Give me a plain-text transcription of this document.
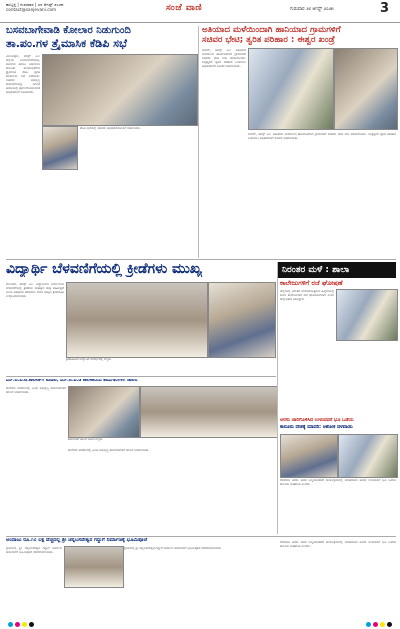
ಹುಬ್ಬಳ್ಳಿ | ಗುರುವಾರ | ೨೮ ಆಗಸ್ಟ್ ೨೦೨೫
contact@sanjevani.com	ಸಂಜೆ ವಾಣಿ	ಗುರುವಾರ ೨೮ ಆಗಸ್ಟ್ ೨೦೨೫	3
ಬಸವಬಾಗೇವಾಡಿ ಕೋಲಾರ ನಿಡುಗುಂದಿ
ತಾ.ಪಂ.ಗಳ ತ್ರೈಮಾಸಿಕ ಕೆಡಿಪಿ ಸಭೆ
ವಿಜಯಪುರ, ಆಗಸ್ಟ್ ೨೭: ಜಿಲ್ಲೆಯ ಬಸವನಬಾಗೇವಾಡಿ, ಕೋಲಾರ ಹಾಗೂ ನಿಡುಗುಂದಿ ತಾಲೂಕು ಪಂಚಾಯತ್‌ಗಳ ತ್ರೈಮಾಸಿಕ ಕೆಡಿಪಿ ಪ್ರಗತಿ ಪರಿಶೀಲನಾ ಸಭೆ ನಡೆಯಿತು. ಸಚಿವರು ಅಭಿವೃದ್ಧಿ ಕಾಮಗಾರಿಗಳನ್ನು ನಿಗದಿತ ಅವಧಿಯಲ್ಲಿ ಪೂರ್ಣಗೊಳಿಸುವಂತೆ ಅಧಿಕಾರಿಗಳಿಗೆ ಸೂಚಿಸಿದರು.
ಕೆಡಿಪಿ ಸಭೆಯಲ್ಲಿ ಸಚಿವರು ಅಧಿಕಾರಿಗಳೊಂದಿಗೆ ಚರ್ಚಿಸಿದರು.
ಅತಿಯಾದ ಮಳೆಯಿಂದಾಗಿ ಹಾನಿಯಾದ ಗ್ರಾಮಗಳಿಗೆ
ಸಚಿವರ ಭೇಟಿ; ತ್ವರಿತ ಪರಿಹಾರ : ಈಶ್ವರ ಖಂಡ್ರೆ
ಬೀದರ್, ಆಗಸ್ಟ್ ೨೭: ಅತಿಯಾದ ಮಳೆಯಿಂದ ಹಾನಿಗೊಳಗಾದ ಗ್ರಾಮಗಳಿಗೆ ಸಚಿವರು ಭೇಟಿ ನೀಡಿ ಪರಿಶೀಲಿಸಿದರು. ಸಂತ್ರಸ್ತರಿಗೆ ತ್ವರಿತ ಪರಿಹಾರ ಒದಗಿಸಲು ಅಧಿಕಾರಿಗಳಿಗೆ ಸೂಚನೆ ನೀಡಲಾಯಿತು.
ಬೀದರ್, ಆಗಸ್ಟ್ ೨೭: ಅತಿಯಾದ ಮಳೆಯಿಂದ ಹಾನಿಗೊಳಗಾದ ಗ್ರಾಮಗಳಿಗೆ ಸಚಿವರು ಭೇಟಿ ನೀಡಿ ಪರಿಶೀಲಿಸಿದರು. ಸಂತ್ರಸ್ತರಿಗೆ ತ್ವರಿತ ಪರಿಹಾರ ಒದಗಿಸಲು ಅಧಿಕಾರಿಗಳಿಗೆ ಸೂಚನೆ ನೀಡಲಾಯಿತು.
ವಿದ್ಯಾರ್ಥಿ ಬೆಳವಣಿಗೆಯಲ್ಲಿ ಕ್ರೀಡೆಗಳು ಮುಖ್ಯ
ಕಲಬುರಗಿ, ಆಗಸ್ಟ್ ೨೭: ವಿದ್ಯಾರ್ಥಿಗಳ ಸರ್ವಾಂಗೀಣ ಬೆಳವಣಿಗೆಯಲ್ಲಿ ಕ್ರೀಡೆಗಳು ಮಹತ್ವದ ಪಾತ್ರ ವಹಿಸುತ್ತವೆ ಎಂದು ಅತಿಥಿಗಳು ಹೇಳಿದರು. ಶಾಲಾ ಮಟ್ಟದ ಕ್ರೀಡಾಕೂಟ ಉದ್ಘಾಟಿಸಲಾಯಿತು.
ಕ್ರೀಡಾಕೂಟದ ಉದ್ಘಾಟನೆ ಸಂದರ್ಭದಲ್ಲಿ ಗಣ್ಯರು.
ನಿರಂತರ ಮಳೆ : ಶಾಲಾ
ಕಾಲೇಜುಗಳಿಗೆ ರಜೆ ಘೋಷಣೆ
ಜಿಲ್ಲೆಯಲ್ಲಿ ನಿರಂತರ ಮಳೆಯಾಗುತ್ತಿರುವ ಹಿನ್ನೆಲೆಯಲ್ಲಿ ಶಾಲಾ ಕಾಲೇಜುಗಳಿಗೆ ರಜೆ ಘೋಷಿಸಲಾಗಿದೆ ಎಂದು ಜಿಲ್ಲಾಧಿಕಾರಿ ತಿಳಿಸಿದ್ದಾರೆ.
ಎಸ್.ಬಿ.ಐ.ಟಿ.ಕಾಲೇಜ್‌ಗೆ ಕೂಡಲ, ಎಸ್.ಬಿ.ಐ.ಡಿ ಕಾಲೇಜಿನಿಂದ ಕಾಮಗಾರಿಗಳಿಗೆ ಚಾಲನೆ
ಕಾಲೇಜಿನ ಆವರಣದಲ್ಲಿ ವಿವಿಧ ಅಭಿವೃದ್ಧಿ ಕಾಮಗಾರಿಗಳಿಗೆ ಚಾಲನೆ ನೀಡಲಾಯಿತು.
ಕಾಮಗಾರಿಗೆ ಚಾಲನೆ ನೀಡಿದ ಗಣ್ಯರು.
ಕಾಲೇಜಿನ ಆವರಣದಲ್ಲಿ ವಿವಿಧ ಅಭಿವೃದ್ಧಿ ಕಾಮಗಾರಿಗಳಿಗೆ ಚಾಲನೆ ನೀಡಲಾಯಿತು.
ಅರಸು ಜಾರಿಗೊಳಿಸಿದ ಉಳುವವನೆ ಭೂ ಒಡೆಯ
ಕಾನೂನು ದೇಶಕ್ಕೆ ಮಾದರಿ: ಅಶೋಕ ದಳವಾಯಿ
ದೇವರಾಜ ಅರಸು ಅವರ ಜನ್ಮದಿನಾಚರಣೆ ಕಾರ್ಯಕ್ರಮದಲ್ಲಿ ಮಾತನಾಡಿದ ಅವರು ಉಳುವವನೆ ಭೂ ಒಡೆಯ ಕಾನೂನು ಐತಿಹಾಸಿಕ ಎಂದರು.
ಅಂದಾಜು ರೂ.೧೦ ಲಕ್ಷ ವೆಚ್ಚದಲ್ಲಿ ಶ್ರೀ ಚನ್ನಬಸವೇಶ್ವರ ಗದ್ದುಗೆ ನಿರ್ಮಾಣಕ್ಕೆ ಭೂಮಿಪೂಜೆ
ಗ್ರಾಮದಲ್ಲಿ ಶ್ರೀ ಚನ್ನಬಸವೇಶ್ವರ ಗದ್ದುಗೆ ನಿರ್ಮಾಣ ಕಾಮಗಾರಿಗೆ ಭೂಮಿಪೂಜೆ ನೆರವೇರಿಸಲಾಯಿತು.
ಗ್ರಾಮದಲ್ಲಿ ಶ್ರೀ ಚನ್ನಬಸವೇಶ್ವರ ಗದ್ದುಗೆ ನಿರ್ಮಾಣ ಕಾಮಗಾರಿಗೆ ಭೂಮಿಪೂಜೆ ನೆರವೇರಿಸಲಾಯಿತು.
ದೇವರಾಜ ಅರಸು ಅವರ ಜನ್ಮದಿನಾಚರಣೆ ಕಾರ್ಯಕ್ರಮದಲ್ಲಿ ಮಾತನಾಡಿದ ಅವರು ಉಳುವವನೆ ಭೂ ಒಡೆಯ ಕಾನೂನು ಐತಿಹಾಸಿಕ ಎಂದರು.
